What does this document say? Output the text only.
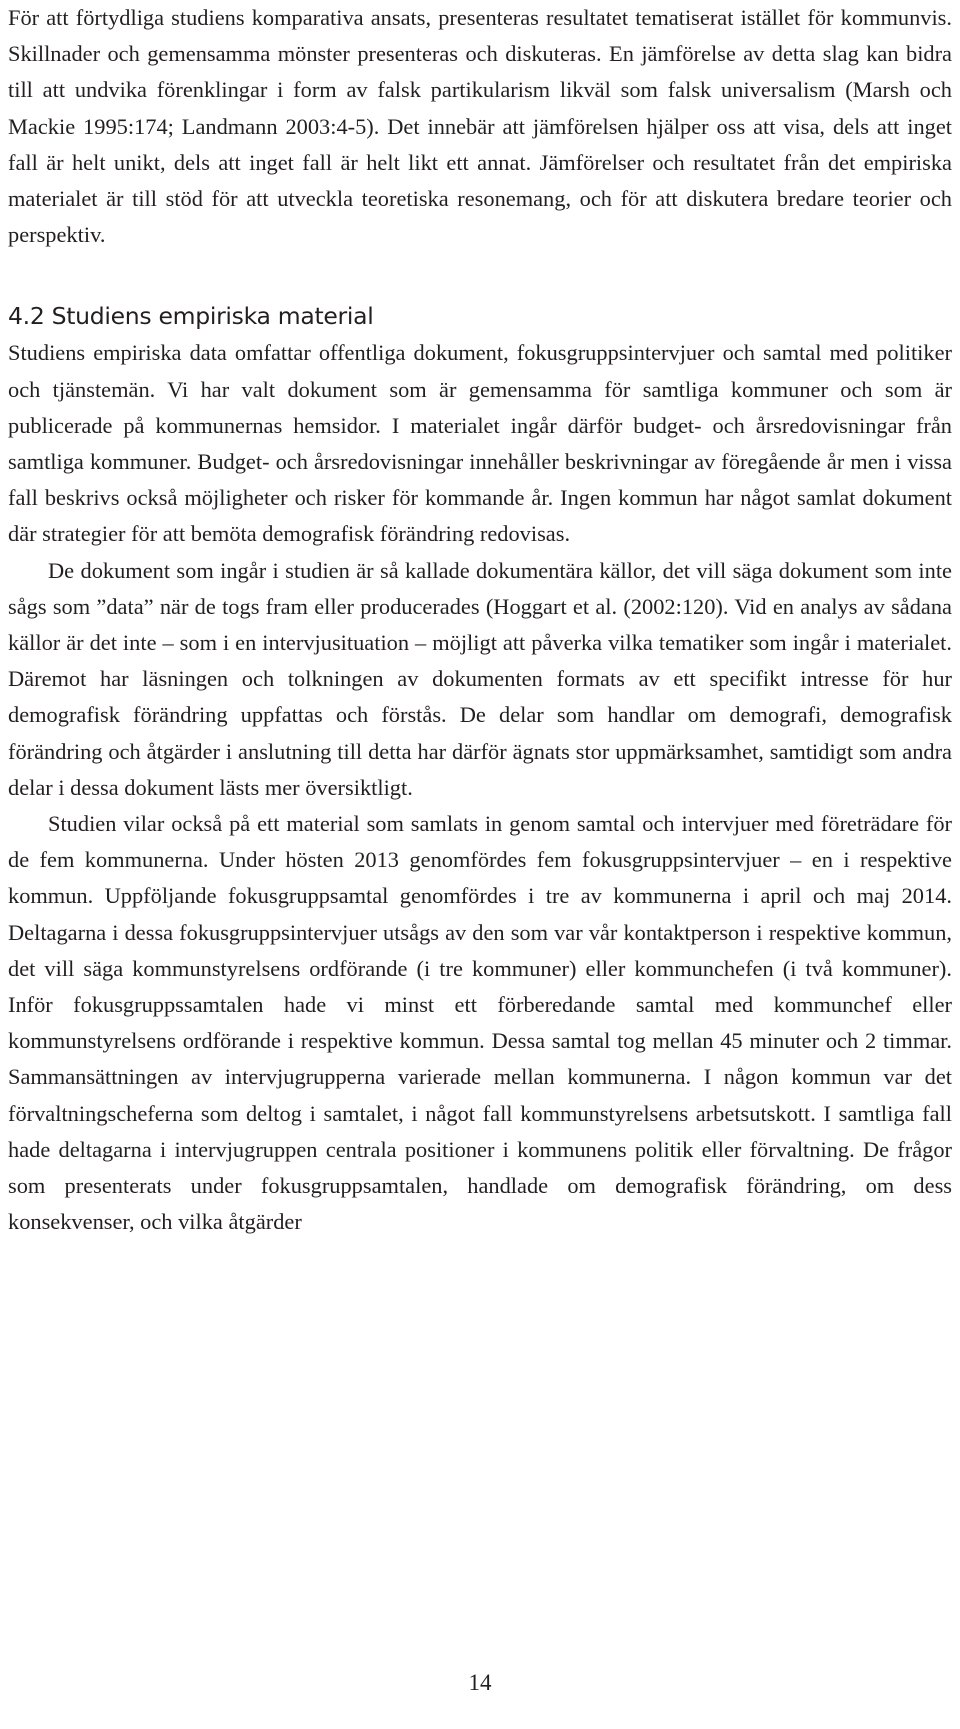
För att förtydliga studiens komparativa ansats, presenteras resultatet tematiserat istället för kommunvis. Skillnader och gemensamma mönster presenteras och diskuteras. En jämförelse av detta slag kan bidra till att undvika förenklingar i form av falsk partikularism likväl som falsk universalism (Marsh och Mackie 1995:174; Landmann 2003:4-5). Det innebär att jämförelsen hjälper oss att visa, dels att inget fall är helt unikt, dels att inget fall är helt likt ett annat. Jämförelser och resultatet från det empiriska materialet är till stöd för att utveckla teoretiska resonemang, och för att diskutera bredare teorier och perspektiv.

4.2 Studiens empiriska material

Studiens empiriska data omfattar offentliga dokument, fokusgruppsintervjuer och samtal med politiker och tjänstemän. Vi har valt dokument som är gemensamma för samtliga kommuner och som är publicerade på kommunernas hemsidor. I materialet ingår därför budget- och årsredovisningar från samtliga kommuner. Budget- och årsredovisningar innehåller beskrivningar av föregående år men i vissa fall beskrivs också möjligheter och risker för kommande år. Ingen kommun har något samlat dokument där strategier för att bemöta demografisk förändring redovisas.

De dokument som ingår i studien är så kallade dokumentära källor, det vill säga dokument som inte sågs som ”data” när de togs fram eller producerades (Hoggart et al. (2002:120). Vid en analys av sådana källor är det inte – som i en intervjusituation – möjligt att påverka vilka tematiker som ingår i materialet. Däremot har läsningen och tolkningen av dokumenten formats av ett specifikt intresse för hur demografisk förändring uppfattas och förstås. De delar som handlar om demografi, demografisk förändring och åtgärder i anslutning till detta har därför ägnats stor uppmärksamhet, samtidigt som andra delar i dessa dokument lästs mer översiktligt.

Studien vilar också på ett material som samlats in genom samtal och intervjuer med företrädare för de fem kommunerna. Under hösten 2013 genomfördes fem fokusgruppsintervjuer – en i respektive kommun. Uppföljande fokusgruppsamtal genomfördes i tre av kommunerna i april och maj 2014. Deltagarna i dessa fokusgruppsintervjuer utsågs av den som var vår kontaktperson i respektive kommun, det vill säga kommunstyrelsens ordförande (i tre kommuner) eller kommunchefen (i två kommuner). Inför fokusgruppssamtalen hade vi minst ett förberedande samtal med kommunchef eller kommunstyrelsens ordförande i respektive kommun. Dessa samtal tog mellan 45 minuter och 2 timmar. Sammansättningen av intervjugrupperna varierade mellan kommunerna. I någon kommun var det förvaltningscheferna som deltog i samtalet, i något fall kommunstyrelsens arbetsutskott. I samtliga fall hade deltagarna i intervjugruppen centrala positioner i kommunens politik eller förvaltning. De frågor som presenterats under fokusgruppsamtalen, handlade om demografisk förändring, om dess konsekvenser, och vilka åtgärder

14
